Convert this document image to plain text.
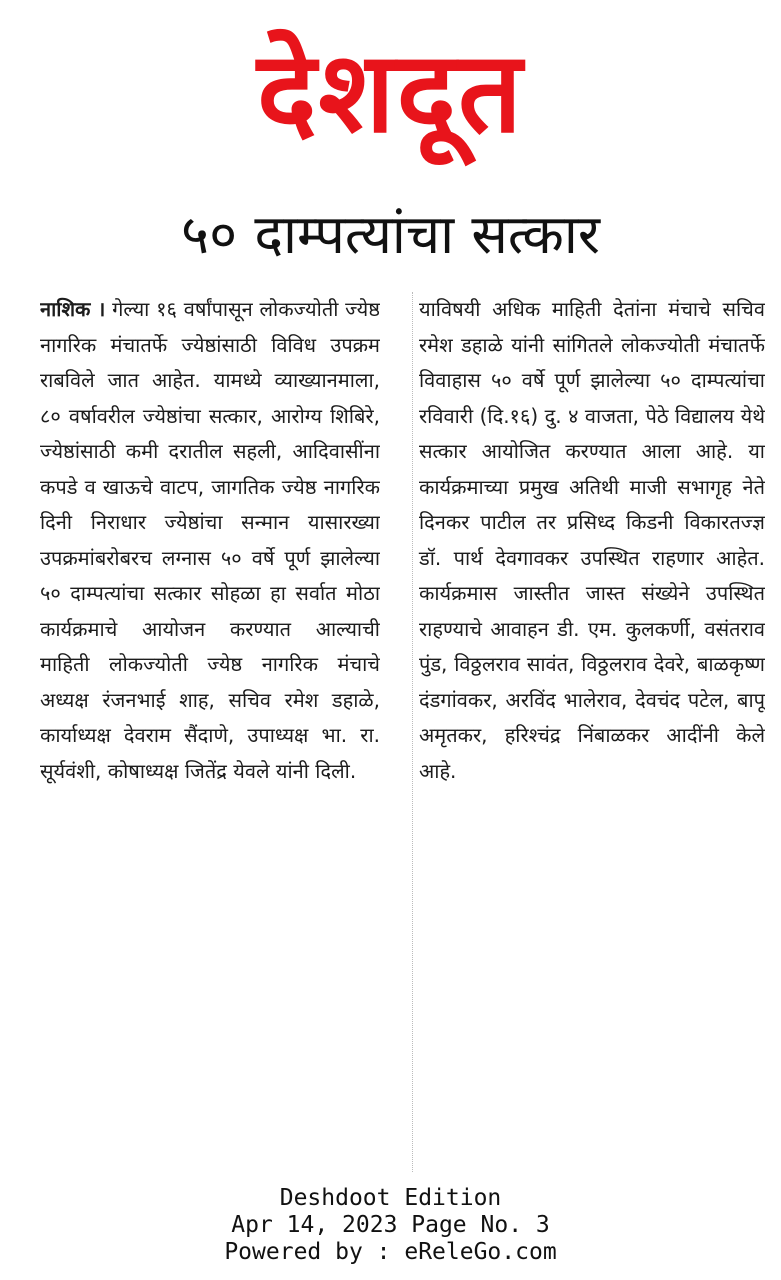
देशदूत
५० दाम्पत्यांचा सत्कार

नाशिक । गेल्या १६ वर्षांपासून लोकज्योती ज्येष्ठ नागरिक मंचातर्फे ज्येष्ठांसाठी विविध उपक्रम राबविले जात आहेत. यामध्ये व्याख्यानमाला, ८० वर्षावरील ज्येष्ठांचा सत्कार, आरोग्य शिबिरे, ज्येष्ठांसाठी कमी दरातील सहली, आदिवासींना कपडे व खाऊचे वाटप, जागतिक ज्येष्ठ नागरिक दिनी निराधार ज्येष्ठांचा सन्मान यासारख्या उपक्रमांबरोबरच लग्नास ५० वर्षे पूर्ण झालेल्या ५० दाम्पत्यांचा सत्कार सोहळा हा सर्वात मोठा कार्यक्रमाचे आयोजन करण्यात आल्याची माहिती लोकज्योती ज्येष्ठ नागरिक मंचाचे अध्यक्ष रंजनभाई शाह, सचिव रमेश डहाळे, कार्याध्यक्ष देवराम सैंदाणे, उपाध्यक्ष भा. रा. सूर्यवंशी, कोषाध्यक्ष जितेंद्र येवले यांनी दिली.

याविषयी अधिक माहिती देतांना मंचाचे सचिव रमेश डहाळे यांनी सांगितले लोकज्योती मंचातर्फे विवाहास ५० वर्षे पूर्ण झालेल्या ५० दाम्पत्यांचा रविवारी (दि.१६) दु. ४ वाजता, पेठे विद्यालय येथे सत्कार आयोजित करण्यात आला आहे. या कार्यक्रमाच्या प्रमुख अतिथी माजी सभागृह नेते दिनकर पाटील तर प्रसिध्द किडनी विकारतज्ज्ञ डॉ. पार्थ देवगावकर उपस्थित राहणार आहेत. कार्यक्रमास जास्तीत जास्त संख्येने उपस्थित राहण्याचे आवाहन डी. एम. कुलकर्णी, वसंतराव पुंड, विठ्ठलराव सावंत, विठ्ठलराव देवरे, बाळकृष्ण दंडगांवकर, अरविंद भालेराव, देवचंद पटेल, बापू अमृतकर, हरिश्चंद्र निंबाळकर आदींनी केले आहे.

Deshdoot Edition
Apr 14, 2023 Page No. 3
Powered by : eReleGo.com
